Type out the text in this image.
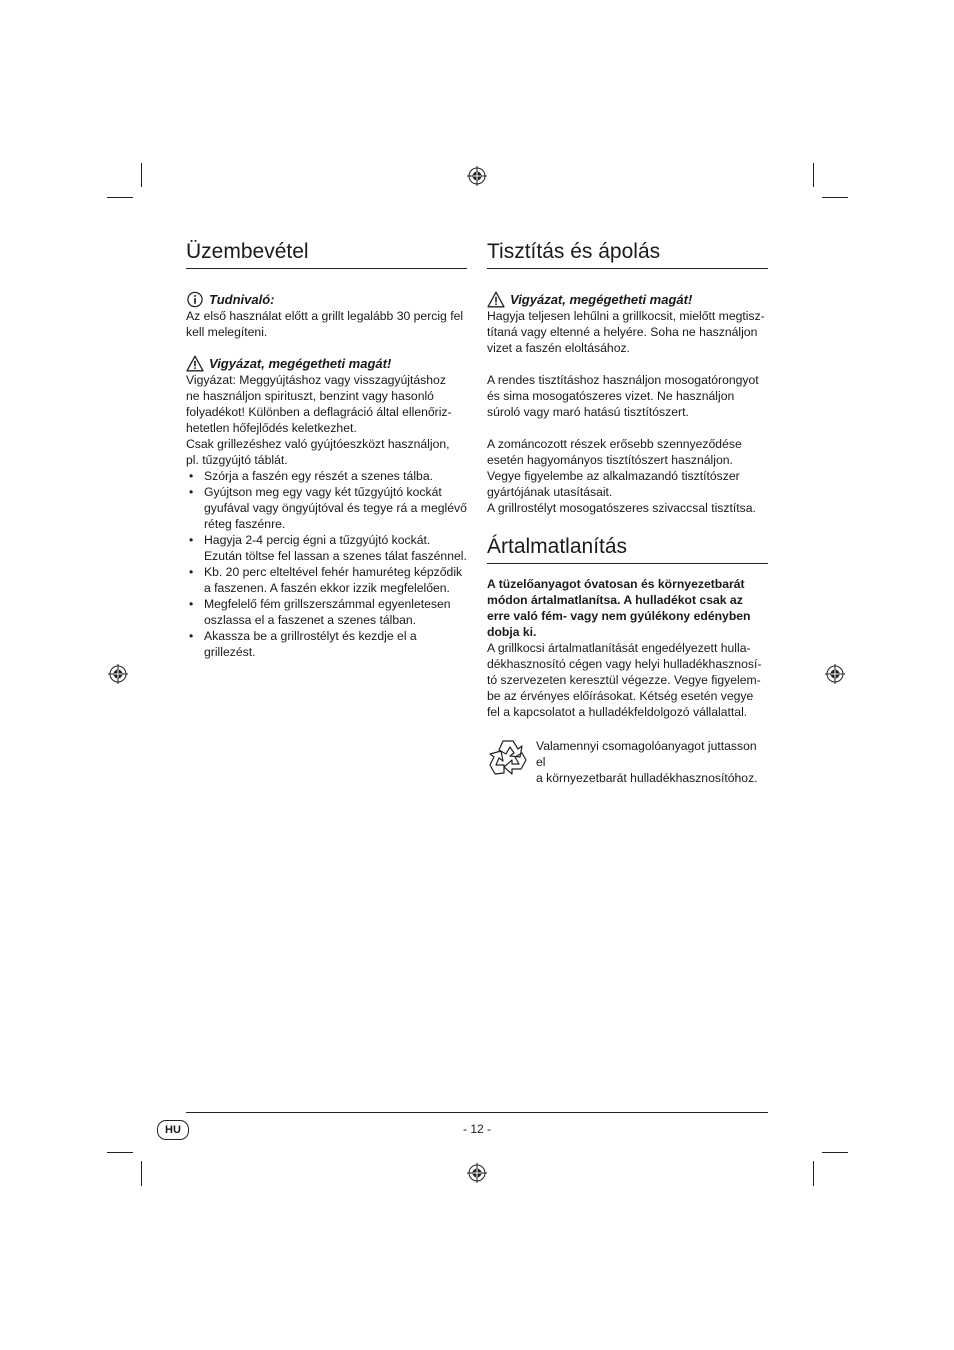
Üzembevétel
Tudnivaló:

Az első használat előtt a grillt legalább 30 percig fel kell melegíteni.

Vigyázat, megégetheti magát!

Vigyázat: Meggyújtáshoz vagy visszagyújtáshoz
ne használjon spirituszt, benzint vagy hasonló
folyadékot! Különben a deflagráció által ellenőriz-
hetetlen hőfejlődés keletkezhet.
Csak grillezéshez való gyújtóeszközt használjon,
pl. tűzgyújtó táblát.

• Szórja a faszén egy részét a szenes tálba.
• Gyújtson meg egy vagy két tűzgyújtó kockát
gyufával vagy öngyújtóval és tegye rá a meglévő
réteg faszénre.
• Hagyja 2-4 percig égni a tűzgyújtó kockát.
Ezután töltse fel lassan a szenes tálat faszénnel.
• Kb. 20 perc elteltével fehér hamuréteg képződik
a faszenen. A faszén ekkor izzik megfelelően.
• Megfelelő fém grillszerszámmal egyenletesen
oszlassa el a faszenet a szenes tálban.
• Akassza be a grillrostélyt és kezdje el a grillezést.
Tisztítás és ápolás
Vigyázat, megégetheti magát!

Hagyja teljesen lehűlni a grillkocsit, mielőtt megtisz-
títaná vagy eltenné a helyére. Soha ne használjon
vizet a faszén eloltásához.

A rendes tisztításhoz használjon mosogatórongyot
és sima mosogatószeres vizet. Ne használjon
súroló vagy maró hatású tisztítószert.

A zománcozott részek erősebb szennyeződése
esetén hagyományos tisztítószert használjon.
Vegye figyelembe az alkalmazandó tisztítószer
gyártójának utasításait.
A grillrostélyt mosogatószeres szivaccsal tisztítsa.

Ártalmatlanítás

A tüzelőanyagot óvatosan és környezetbarát
módon ártalmatlanítsa. A hulladékot csak az
erre való fém- vagy nem gyúlékony edényben
dobja ki.

A grillkocsi ártalmatlanítását engedélyezett hulla-
dékhasznosító cégen vagy helyi hulladékhasznosí-
tó szervezeten keresztül végezze. Vegye figyelem-
be az érvényes előírásokat. Kétség esetén vegye
fel a kapcsolatot a hulladékfeldolgozó vállalattal.

Valamennyi csomagolóanyagot juttasson el
a környezetbarát hulladékhasznosítóhoz.

HU	- 12 -
